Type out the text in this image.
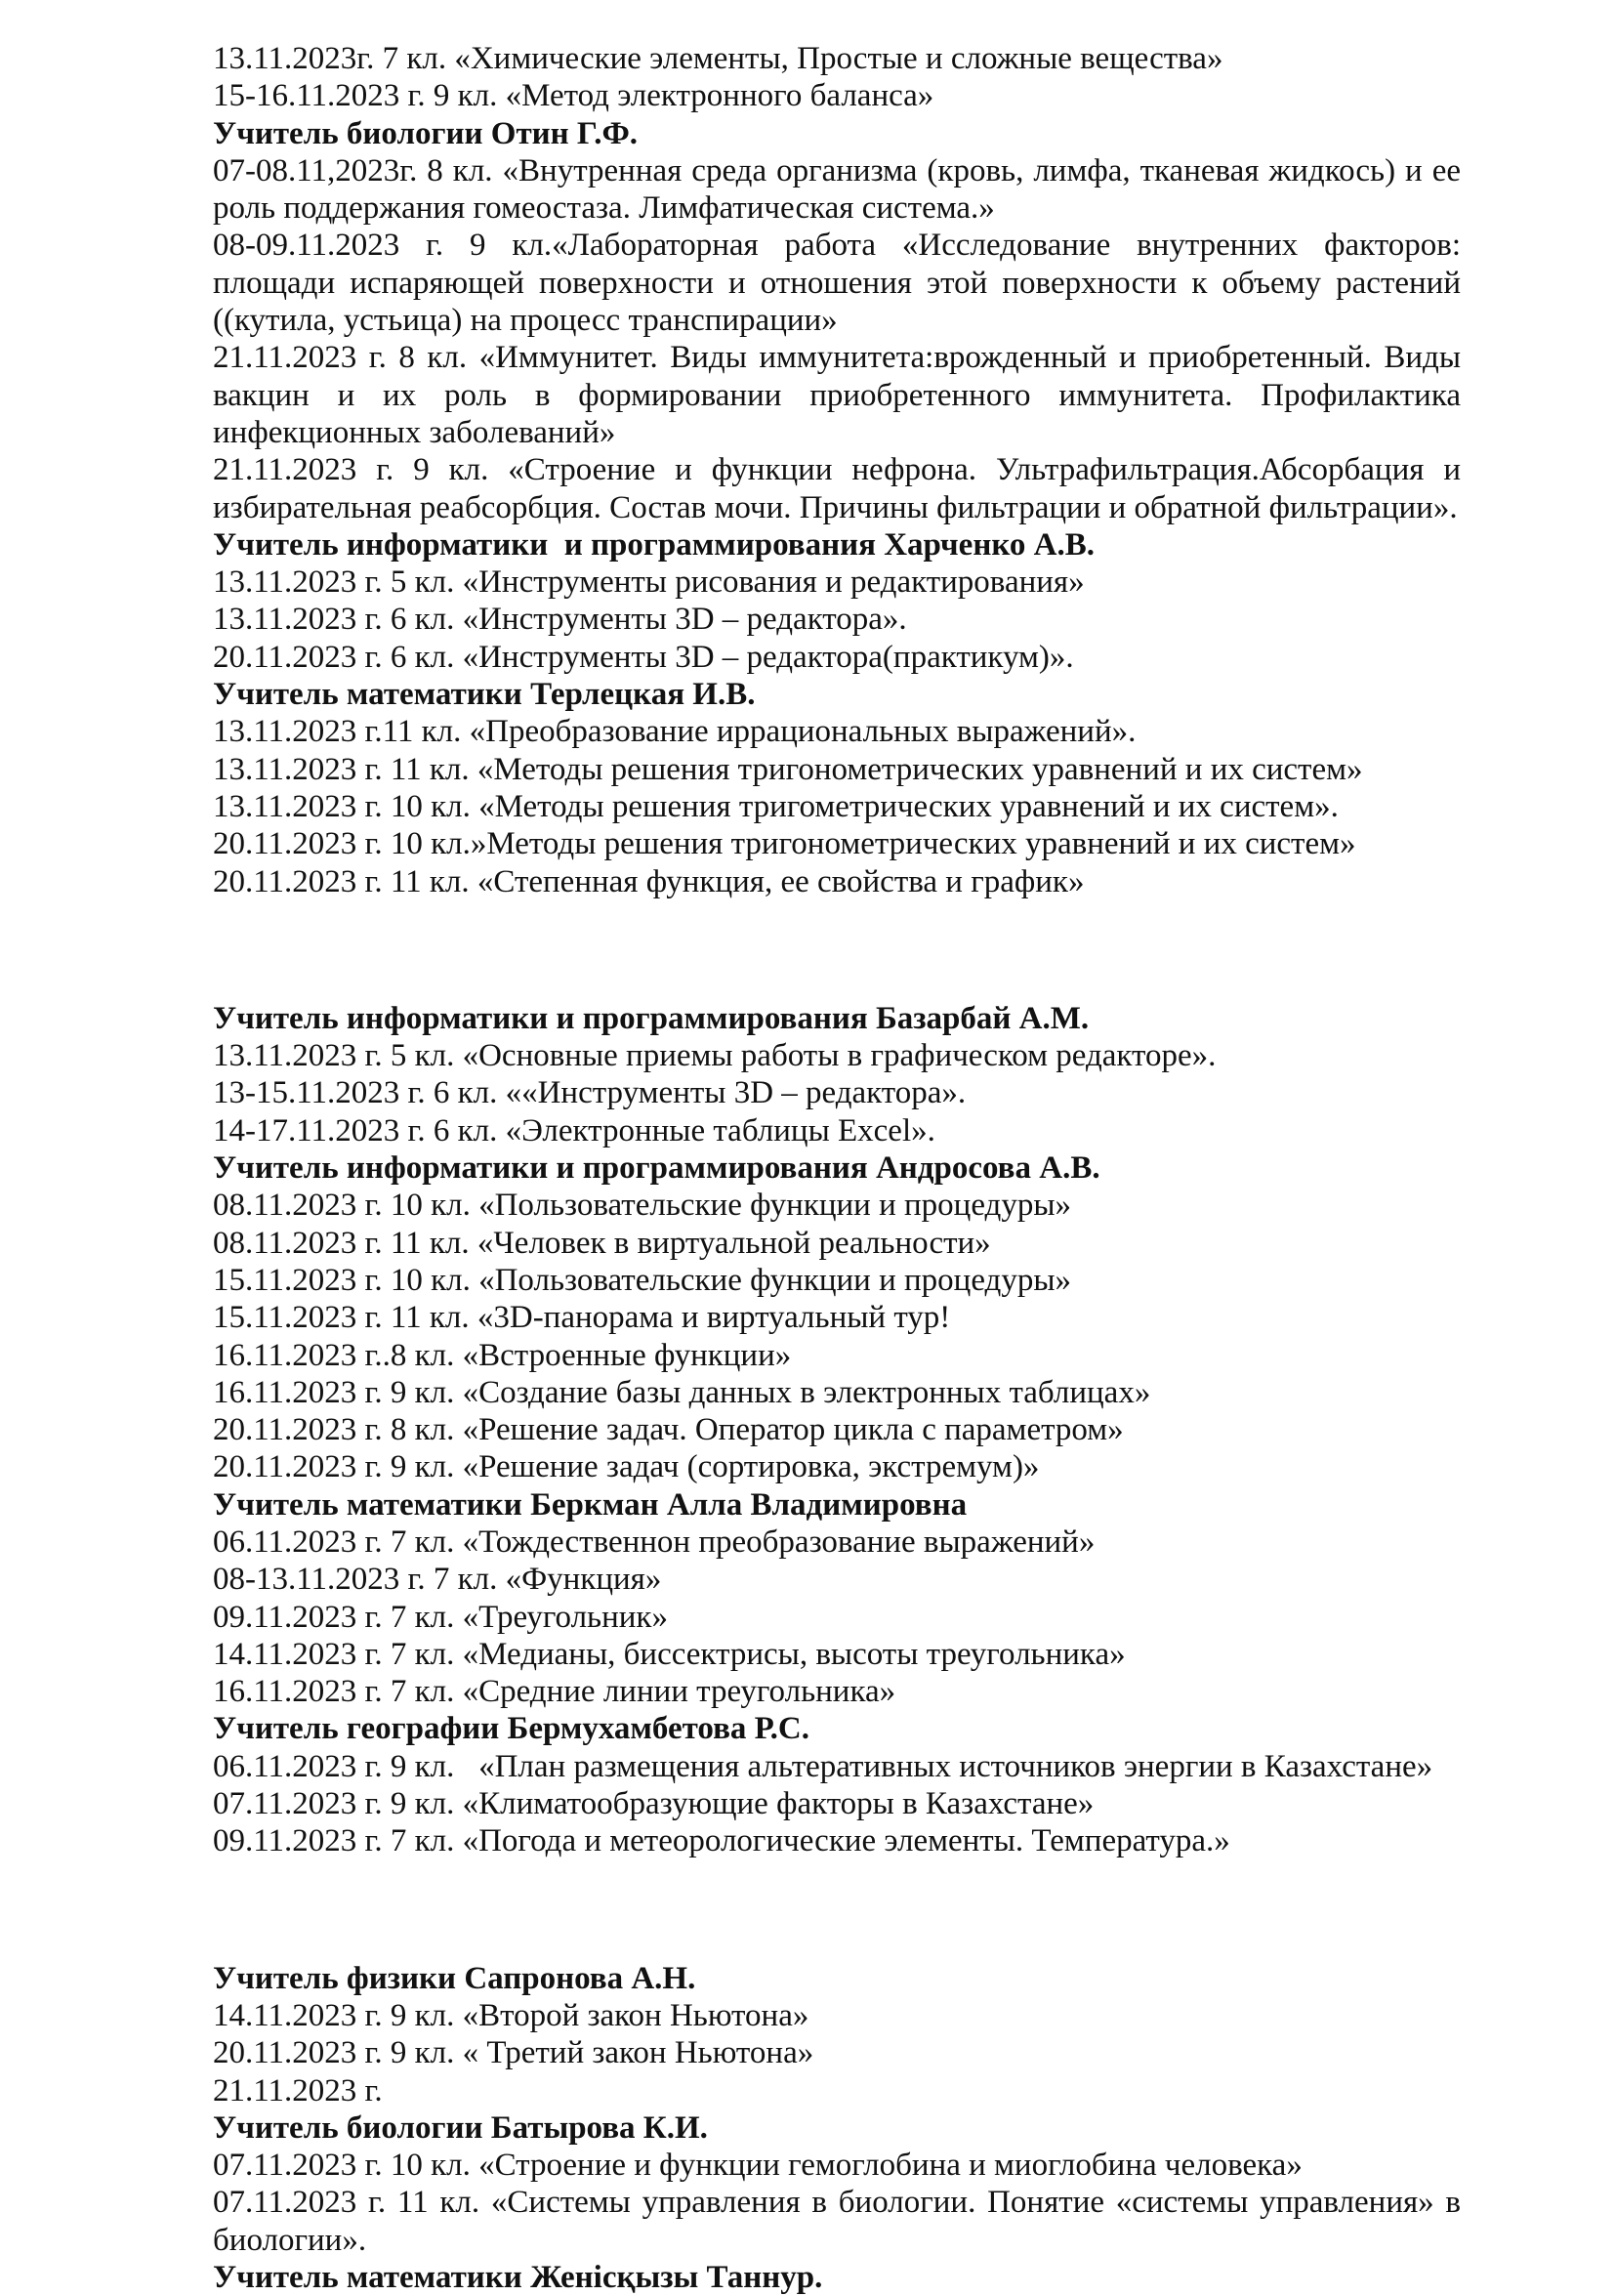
13.11.2023г. 7 кл. «Химические элементы, Простые и сложные вещества»

15-16.11.2023 г. 9 кл. «Метод электронного баланса»

Учитель биологии Отин Г.Ф.

07-08.11,2023г. 8 кл. «Внутренная среда организма (кровь, лимфа, тканевая жидкось) и ее роль поддержания гомеостаза. Лимфатическая система.»

08-09.11.2023 г. 9 кл.«Лабораторная работа «Исследование внутренних факторов: площади испаряющей поверхности и отношения этой поверхности к объему растений ((кутила, устьица) на процесс транспирации»

21.11.2023 г. 8 кл. «Иммунитет. Виды иммунитета:врожденный и приобретенный. Виды вакцин и их роль в формировании приобретенного иммунитета. Профилактика инфекционных заболеваний»

21.11.2023 г. 9 кл. «Строение и функции нефрона. Ультрафильтрация.Абсорбация и избирательная реабсорбция. Состав мочи. Причины фильтрации и обратной фильтрации».

Учитель информатики  и программирования Харченко А.В.

13.11.2023 г. 5 кл. «Инструменты рисования и редактирования»

13.11.2023 г. 6 кл. «Инструменты 3D – редактора».

20.11.2023 г. 6 кл. «Инструменты 3D – редактора(практикум)».

Учитель математики Терлецкая И.В.

13.11.2023 г.11 кл. «Преобразование иррациональных выражений».

13.11.2023 г. 11 кл. «Методы решения тригонометрических уравнений и их систем»

13.11.2023 г. 10 кл. «Методы решения тригометрических уравнений и их систем».

20.11.2023 г. 10 кл.»Методы решения тригонометрических уравнений и их систем»

20.11.2023 г. 11 кл. «Степенная функция, ее свойства и график»

Учитель информатики и программирования Базарбай А.М.

13.11.2023 г. 5 кл. «Основные приемы работы в графическом редакторе».

13-15.11.2023 г. 6 кл. ««Инструменты 3D – редактора».

14-17.11.2023 г. 6 кл. «Электронные таблицы Excel».

Учитель информатики и программирования Андросова А.В.

08.11.2023 г. 10 кл. «Пользовательские функции и процедуры»

08.11.2023 г. 11 кл. «Человек в виртуальной реальности»

15.11.2023 г. 10 кл. «Пользовательские функции и процедуры»

15.11.2023 г. 11 кл. «3D-панорама и виртуальный тур!

16.11.2023 г..8 кл. «Встроенные функции»

16.11.2023 г. 9 кл. «Создание базы данных в электронных таблицах»

20.11.2023 г. 8 кл. «Решение задач. Оператор цикла с параметром»

20.11.2023 г. 9 кл. «Решение задач (сортировка, экстремум)»

Учитель математики Беркман Алла Владимировна

06.11.2023 г. 7 кл. «Тождественнон преобразование выражений»

08-13.11.2023 г. 7 кл. «Функция»

09.11.2023 г. 7 кл. «Треугольник»

14.11.2023 г. 7 кл. «Медианы, биссектрисы, высоты треугольника»

16.11.2023 г. 7 кл. «Средние линии треугольника»

Учитель географии Бермухамбетова Р.С.

06.11.2023 г. 9 кл.   «План размещения альтеративных источников энергии в Казахстане»

07.11.2023 г. 9 кл. «Климатообразующие факторы в Казахстане»

09.11.2023 г. 7 кл. «Погода и метеорологические элементы. Температура.»

Учитель физики Сапронова А.Н.

14.11.2023 г. 9 кл. «Второй закон Ньютона»

20.11.2023 г. 9 кл. « Третий закон Ньютона»

21.11.2023 г.

Учитель биологии Батырова К.И.

07.11.2023 г. 10 кл. «Строение и функции гемоглобина и миоглобина человека»

07.11.2023 г. 11 кл. «Системы управления в биологии. Понятие «системы управления» в биологии».

Учитель математики Женісқызы Таннур.
